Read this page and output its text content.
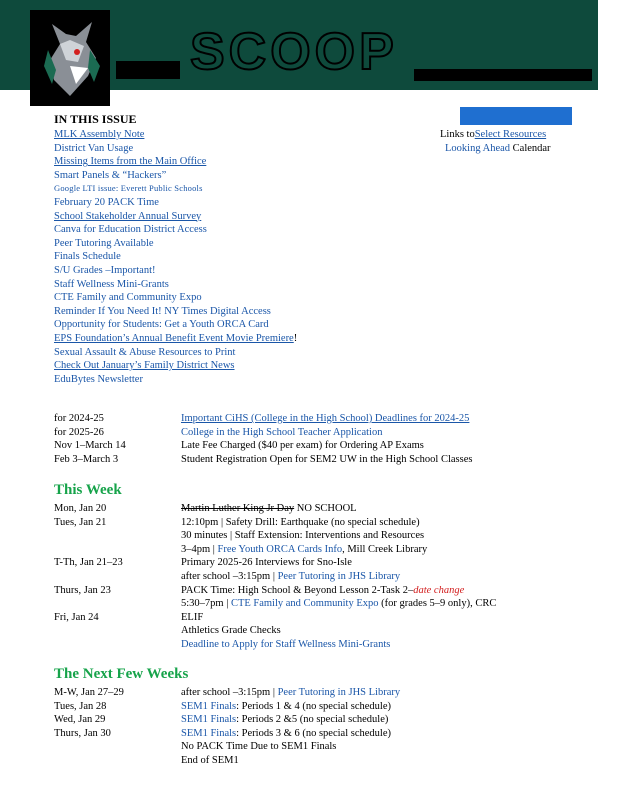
SCOOP
IN THIS ISSUE
MLK Assembly Note
District Van Usage
Missing Items from the Main Office
Smart Panels & “Hackers”
Google LTI issue: Everett Public Schools
February 20 PACK Time
School Stakeholder Annual Survey
Canva for Education District Access
Peer Tutoring Available
Finals Schedule
S/U Grades –Important!
Staff Wellness Mini-Grants
CTE Family and Community Expo
Reminder If You Need It! NY Times Digital Access
Opportunity for Students: Get a Youth ORCA Card
EPS Foundation’s Annual Benefit Event Movie Premiere!
Sexual Assault & Abuse Resources to Print
Check Out January’s Family District News
EduBytes Newsletter
Links toSelect Resources
Looking Ahead Calendar
for 2024-25	Important CiHS (College in the High School) Deadlines for 2024-25
for 2025-26	College in the High School Teacher Application
Nov 1–March 14	Late Fee Charged ($40 per exam) for Ordering AP Exams
Feb 3–March 3	Student Registration Open for SEM2 UW in the High School Classes
This Week
Mon, Jan 20	Martin Luther King Jr Day NO SCHOOL
Tues, Jan 21	12:10pm | Safety Drill: Earthquake (no special schedule)
30 minutes | Staff Extension: Interventions and Resources
3–4pm | Free Youth ORCA Cards Info, Mill Creek Library
T-Th, Jan 21–23	Primary 2025-26 Interviews for Sno-Isle
after school –3:15pm | Peer Tutoring in JHS Library
Thurs, Jan 23	PACK Time: High School & Beyond Lesson 2-Task 2–date change
5:30–7pm | CTE Family and Community Expo (for grades 5–9 only), CRC
Fri, Jan 24	ELIF
Athletics Grade Checks
Deadline to Apply for Staff Wellness Mini-Grants
The Next Few Weeks
M-W, Jan 27–29	after school –3:15pm | Peer Tutoring in JHS Library
Tues, Jan 28	SEM1 Finals: Periods 1 & 4 (no special schedule)
Wed, Jan 29	SEM1 Finals: Periods 2 &5 (no special schedule)
Thurs, Jan 30	SEM1 Finals: Periods 3 & 6 (no special schedule)
No PACK Time Due to SEM1 Finals
End of SEM1
